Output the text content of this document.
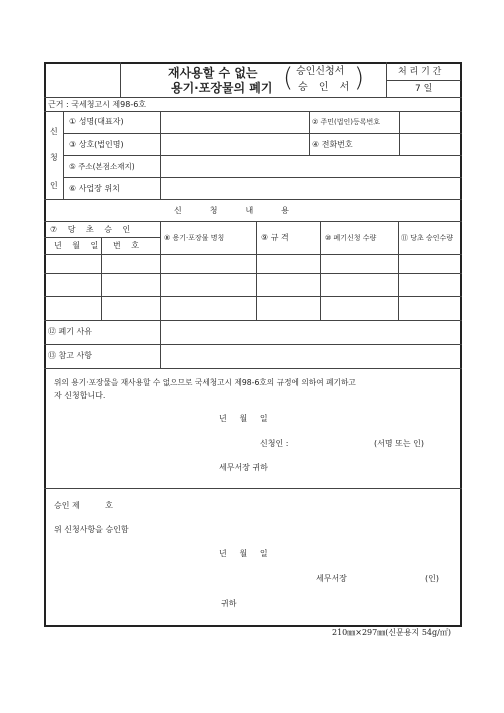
재사용할 수 없는
용기·포장물의 폐기 ( 승인신청서
승 인 서 )	처 리 기 간
7 일
근거 : 국세청고시 제98-6호
신
청
인
① 성명(대표자)	② 주민(법인)등록번호
③ 상호(법인명)	④ 전화번호
⑤ 주소(본점소재지)
⑥ 사업장 위치
신청내용
⑦ 당 초 승 인
년 월 일 번 호
⑧ 용기·포장물 명칭	⑨ 규 격	⑩ 폐기신청 수량	⑪ 당초 승인수량
⑫ 폐기 사유
⑬ 참고 사항
위의 용기·포장물을 재사용할 수 없으므로 국세청고시 제98-6호의 규정에 의하여 폐기하고
자 신청합니다.
년     월     일
신청인 :	(서명 또는 인)
세무서장 귀하
승인 제          호
위 신청사항을 승인함
년     월     일
세무서장	(인)
귀하
210㎜×297㎜(신문용지 54g/㎡)
